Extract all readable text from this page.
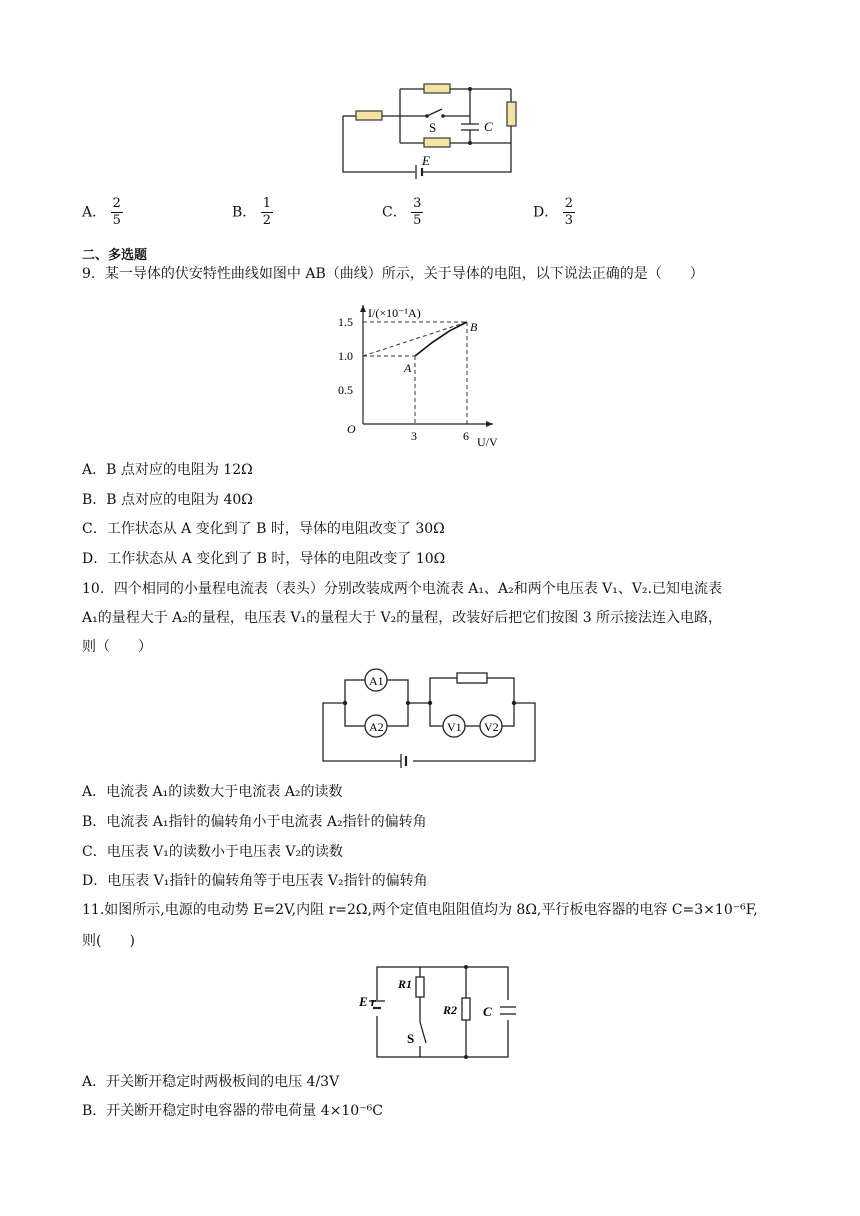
S	C
E
A． $\frac{2}{5}$	B． $\frac{1}{2}$	C． $\frac{3}{5}$	D． $\frac{2}{3}$
二、多选题
9．某一导体的伏安特性曲线如图中 AB（曲线）所示，关于导体的电阻，以下说法正确的是（　　）
3	6
0.5
1.0
1.5
O
I/(×10⁻¹A)
U/V
A
B
A．B 点对应的电阻为 12Ω
B．B 点对应的电阻为 40Ω
C．工作状态从 A 变化到了 B 时，导体的电阻改变了 30Ω
D．工作状态从 A 变化到了 B 时，导体的电阻改变了 10Ω
10．四个相同的小量程电流表（表头）分别改装成两个电流表 A₁、A₂和两个电压表 V₁、V₂.已知电流表
A₁的量程大于 A₂的量程，电压表 V₁的量程大于 V₂的量程，改装好后把它们按图 3 所示接法连入电路，
则（　　）
A1
A2	V1 V2
A．电流表 A₁的读数大于电流表 A₂的读数
B．电流表 A₁指针的偏转角小于电流表 A₂指针的偏转角
C．电压表 V₁的读数小于电压表 V₂的读数
D．电压表 V₁指针的偏转角等于电压表 V₂指针的偏转角
11.如图所示,电源的电动势 E=2V,内阻 r=2Ω,两个定值电阻阻值均为 8Ω,平行板电容器的电容 C=3×10⁻⁶F,
则(　　)
E r
R1
R2
S
C
A．开关断开稳定时两极板间的电压 4/3V
B．开关断开稳定时电容器的带电荷量 4×10⁻⁶C
